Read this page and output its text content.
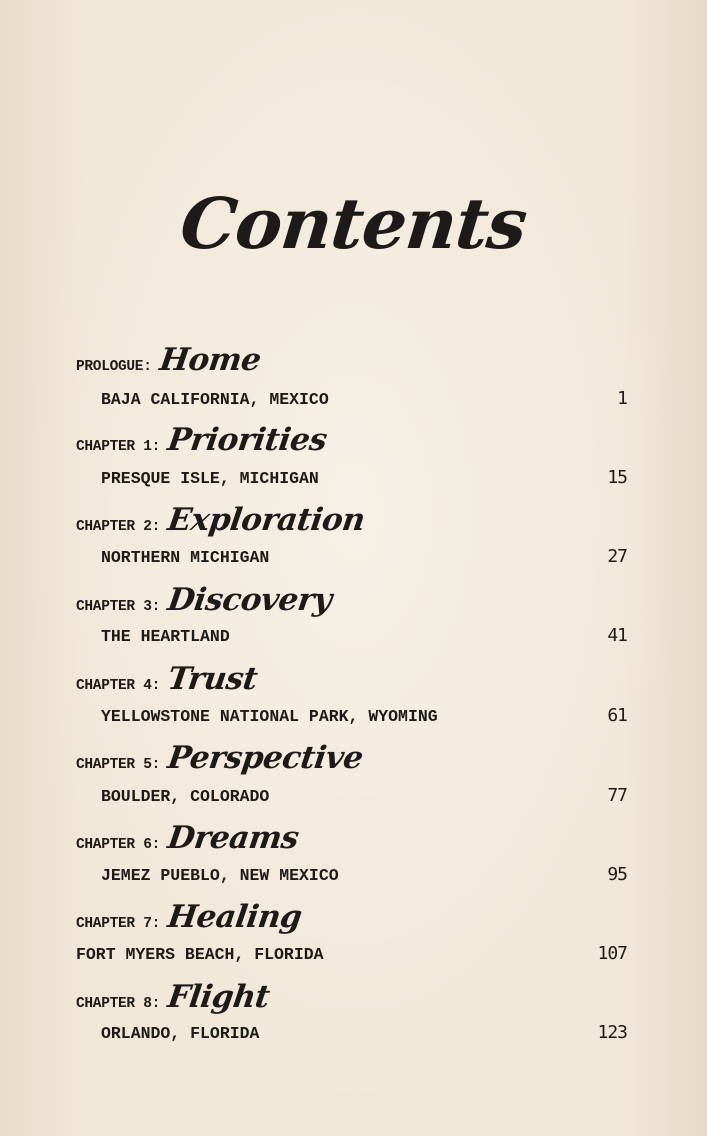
Contents
PROLOGUE: Home
BAJA CALIFORNIA, MEXICO	1
CHAPTER 1: Priorities
PRESQUE ISLE, MICHIGAN	15
CHAPTER 2: Exploration
NORTHERN MICHIGAN	27
CHAPTER 3: Discovery
THE HEARTLAND	41
CHAPTER 4: Trust
YELLOWSTONE NATIONAL PARK, WYOMING	61
CHAPTER 5: Perspective
BOULDER, COLORADO	77
CHAPTER 6: Dreams
JEMEZ PUEBLO, NEW MEXICO	95
CHAPTER 7: Healing
FORT MYERS BEACH, FLORIDA	107
CHAPTER 8: Flight
ORLANDO, FLORIDA	123
